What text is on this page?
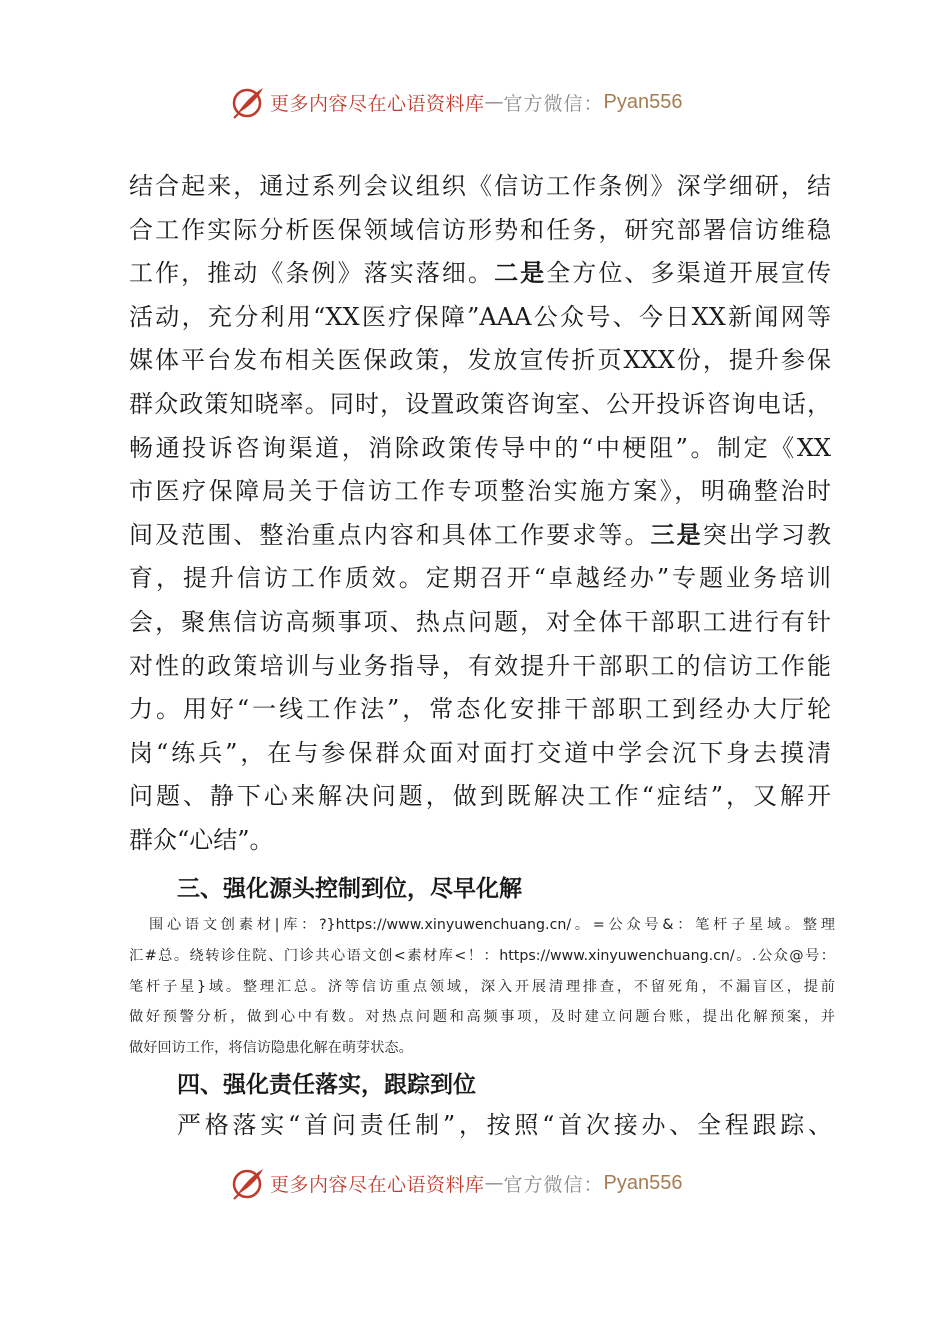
更多内容尽在心语资料库 — 官方微信： Pyan556
结合起来，通过系列会议组织《信访工作条例》深学细研，结
合工作实际分析医保领域信访形势和任务，研究部署信访维稳
工作，推动《条例》落实落细。二是全方位、多渠道开展宣传
活动，充分利用“XX医疗保障”AAA公众号、今日XX新闻网等
媒体平台发布相关医保政策，发放宣传折页XXX份，提升参保
群众政策知晓率。同时，设置政策咨询室、公开投诉咨询电话，
畅通投诉咨询渠道，消除政策传导中的“中梗阻”。制定《XX
市医疗保障局关于信访工作专项整治实施方案》，明确整治时
间及范围、整治重点内容和具体工作要求等。三是突出学习教
育，提升信访工作质效。定期召开“卓越经办”专题业务培训
会，聚焦信访高频事项、热点问题，对全体干部职工进行有针
对性的政策培训与业务指导，有效提升干部职工的信访工作能
力。用好“一线工作法”，常态化安排干部职工到经办大厅轮
岗“练兵”，在与参保群众面对面打交道中学会沉下身去摸清
问题、静下心来解决问题，做到既解决工作“症结”，又解开
群众“心结”。
三、强化源头控制到位，尽早化解
围心语文创素材|库：?}https://www.xinyuwenchuang.cn/。=公众号&：笔杆子星域。整理
汇#总。绕转诊住院、门诊共心语文创<素材库<！：https://www.xinyuwenchuang.cn/。.公众@号：
笔杆子星}域。整理汇总。济等信访重点领域，深入开展清理排查，不留死角，不漏盲区，提前
做好预警分析，做到心中有数。对热点问题和高频事项，及时建立问题台账，提出化解预案，并
做好回访工作，将信访隐患化解在萌芽状态。
四、强化责任落实，跟踪到位
严格落实“首问责任制”，按照“首次接办、全程跟踪、
更多内容尽在心语资料库 — 官方微信： Pyan556
